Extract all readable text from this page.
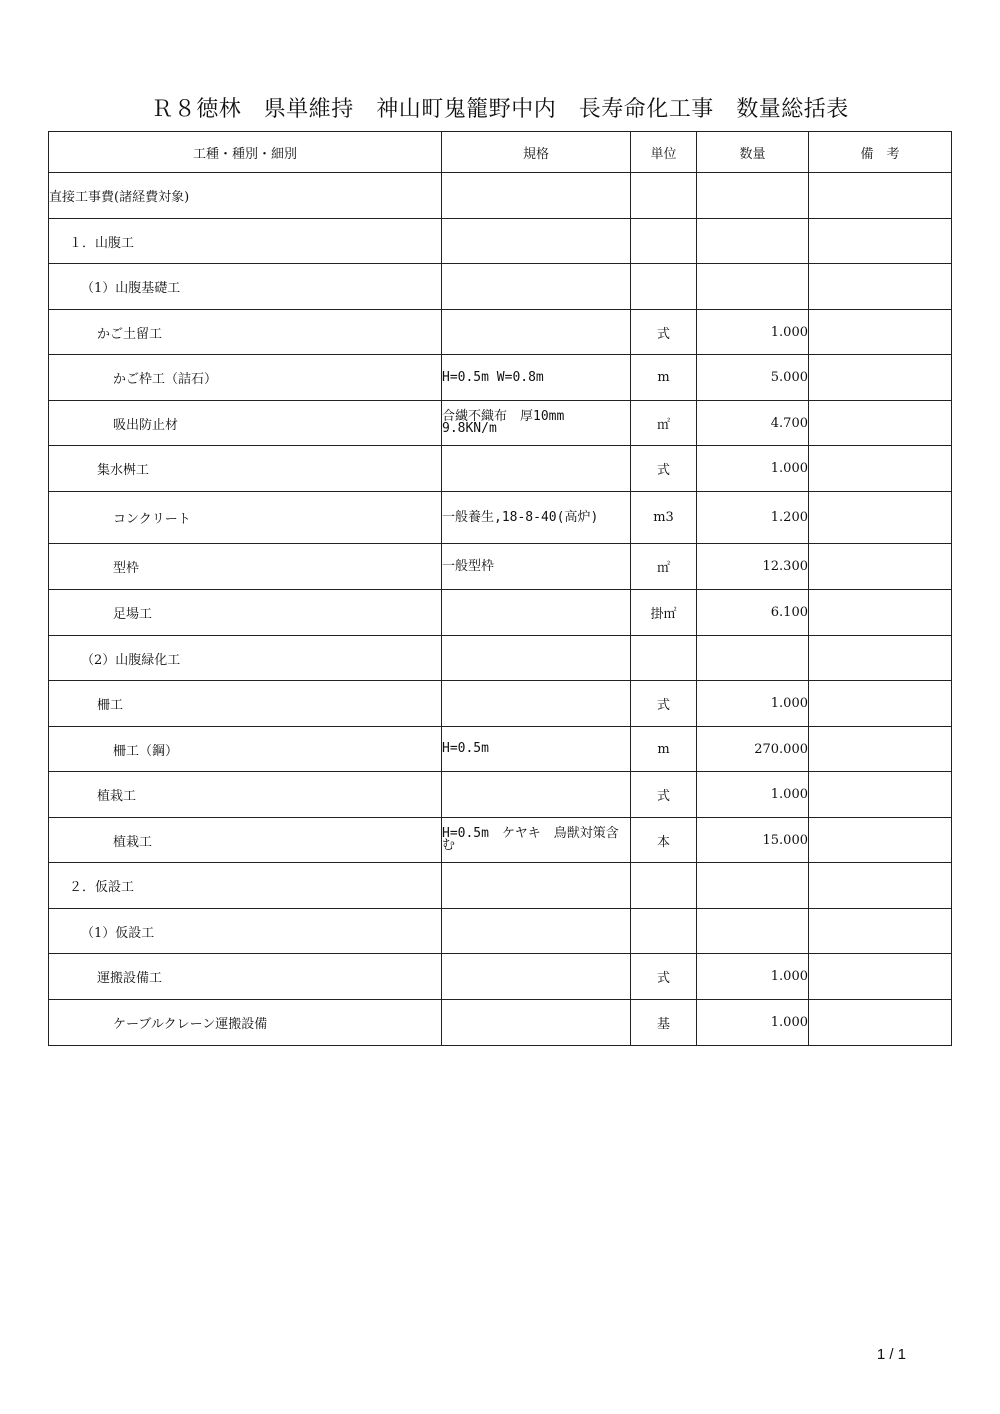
Ｒ８徳林　県単維持　神山町鬼籠野中内　長寿命化工事　数量総括表
工種・種別・細別	規格	単位	数量	備　考
直接工事費(諸経費対象)				
１．山腹工				
（1）山腹基礎工				
かご土留工		式	1.000	
かご枠工（詰石）	H=0.5m W=0.8m	m	5.000	
吸出防止材	合繊不織布　厚10mm　9.8KN/m	㎡	4.700	
集水桝工		式	1.000	
コンクリート	一般養生,18-8-40(高炉)	m3	1.200	
型枠	一般型枠	㎡	12.300	
足場工		掛㎡	6.100	
（2）山腹緑化工				
柵工		式	1.000	
柵工（鋼）	H=0.5m	m	270.000	
植栽工		式	1.000	
植栽工	H=0.5m　ケヤキ　鳥獣対策含む	本	15.000	
２．仮設工				
（1）仮設工				
運搬設備工		式	1.000	
ケーブルクレーン運搬設備		基	1.000	
1 / 1
